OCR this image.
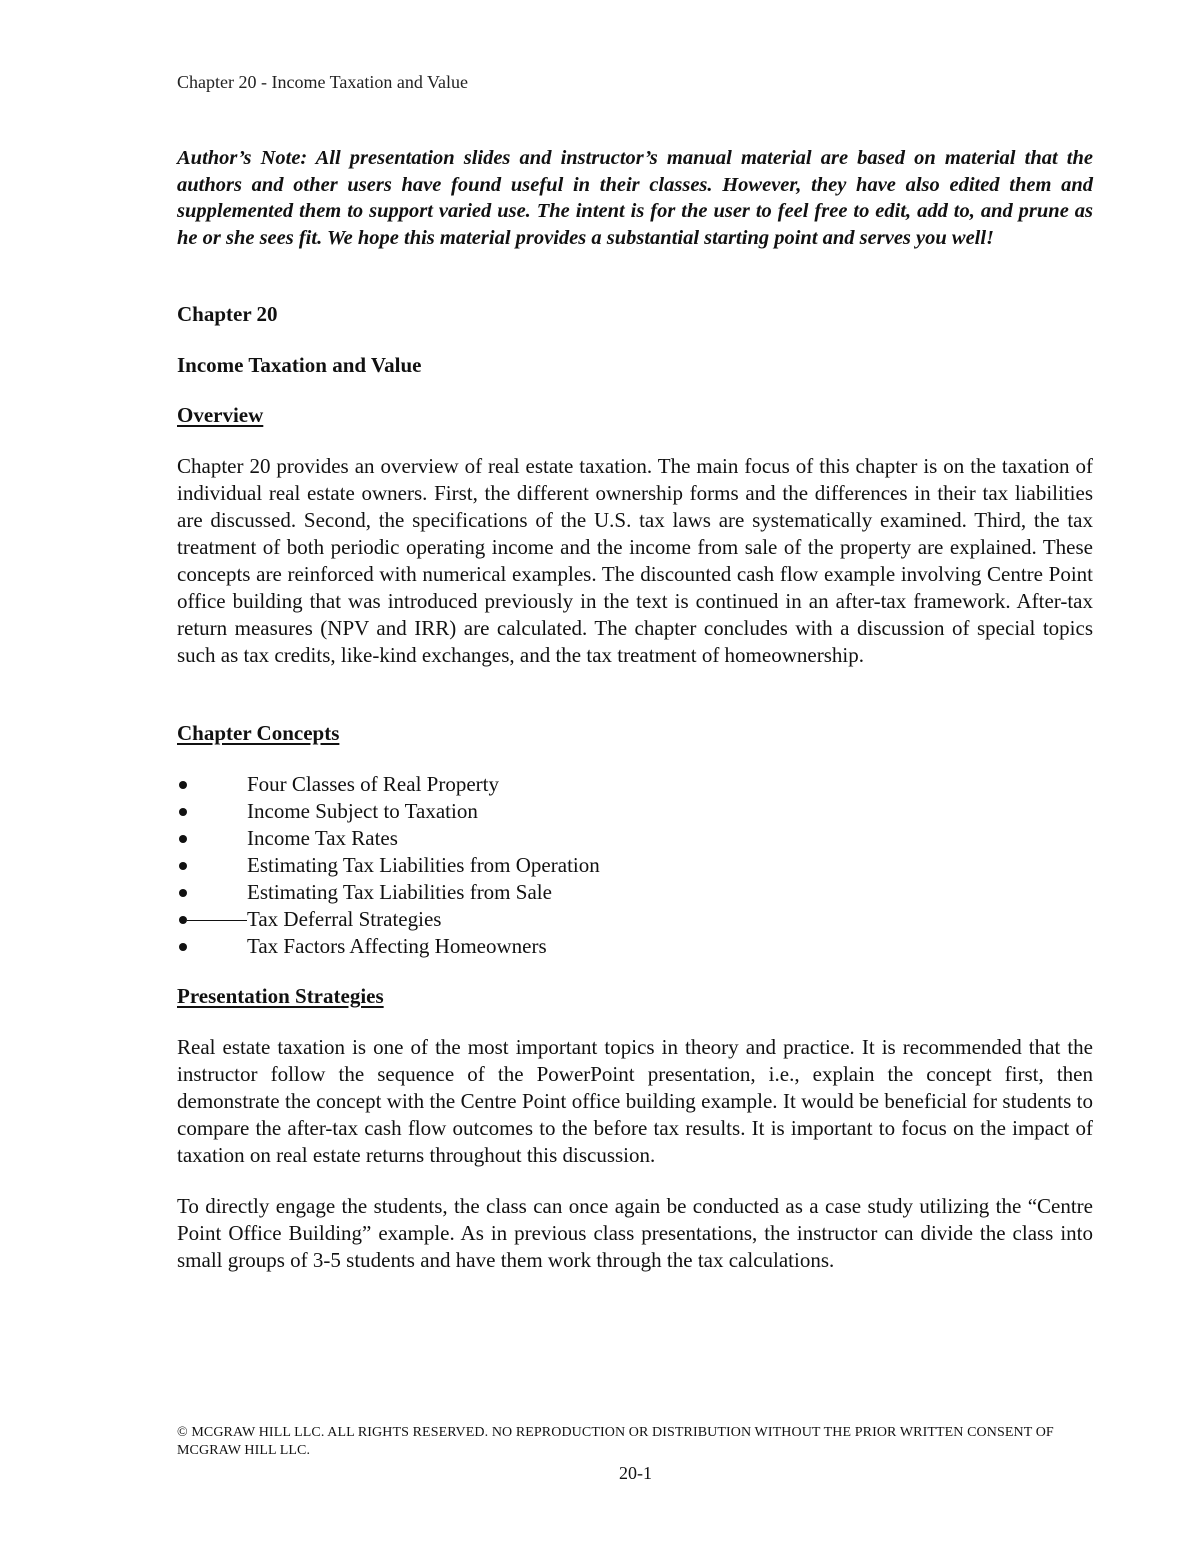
Chapter 20 - Income Taxation and Value

Author’s Note: All presentation slides and instructor’s manual material are based on material that the authors and other users have found useful in their classes. However, they have also edited them and supplemented them to support varied use. The intent is for the user to feel free to edit, add to, and prune as he or she sees fit. We hope this material provides a substantial starting point and serves you well!

Chapter 20

Income Taxation and Value

Overview

Chapter 20 provides an overview of real estate taxation. The main focus of this chapter is on the taxation of individual real estate owners. First, the different ownership forms and the differences in their tax liabilities are discussed. Second, the specifications of the U.S. tax laws are systematically examined. Third, the tax treatment of both periodic operating income and the income from sale of the property are explained. These concepts are reinforced with numerical examples. The discounted cash flow example involving Centre Point office building that was introduced previously in the text is continued in an after-tax framework. After-tax return measures (NPV and IRR) are calculated. The chapter concludes with a discussion of special topics such as tax credits, like-kind exchanges, and the tax treatment of homeownership.

Chapter Concepts

Four Classes of Real Property
Income Subject to Taxation
Income Tax Rates
Estimating Tax Liabilities from Operation
Estimating Tax Liabilities from Sale
Tax Deferral Strategies
Tax Factors Affecting Homeowners

Presentation Strategies

Real estate taxation is one of the most important topics in theory and practice. It is recommended that the instructor follow the sequence of the PowerPoint presentation, i.e., explain the concept first, then demonstrate the concept with the Centre Point office building example. It would be beneficial for students to compare the after-tax cash flow outcomes to the before tax results. It is important to focus on the impact of taxation on real estate returns throughout this discussion.

To directly engage the students, the class can once again be conducted as a case study utilizing the “Centre Point Office Building” example. As in previous class presentations, the instructor can divide the class into small groups of 3-5 students and have them work through the tax calculations.

© MCGRAW HILL LLC. ALL RIGHTS RESERVED. NO REPRODUCTION OR DISTRIBUTION WITHOUT THE PRIOR WRITTEN CONSENT OF MCGRAW HILL LLC.

20-1
